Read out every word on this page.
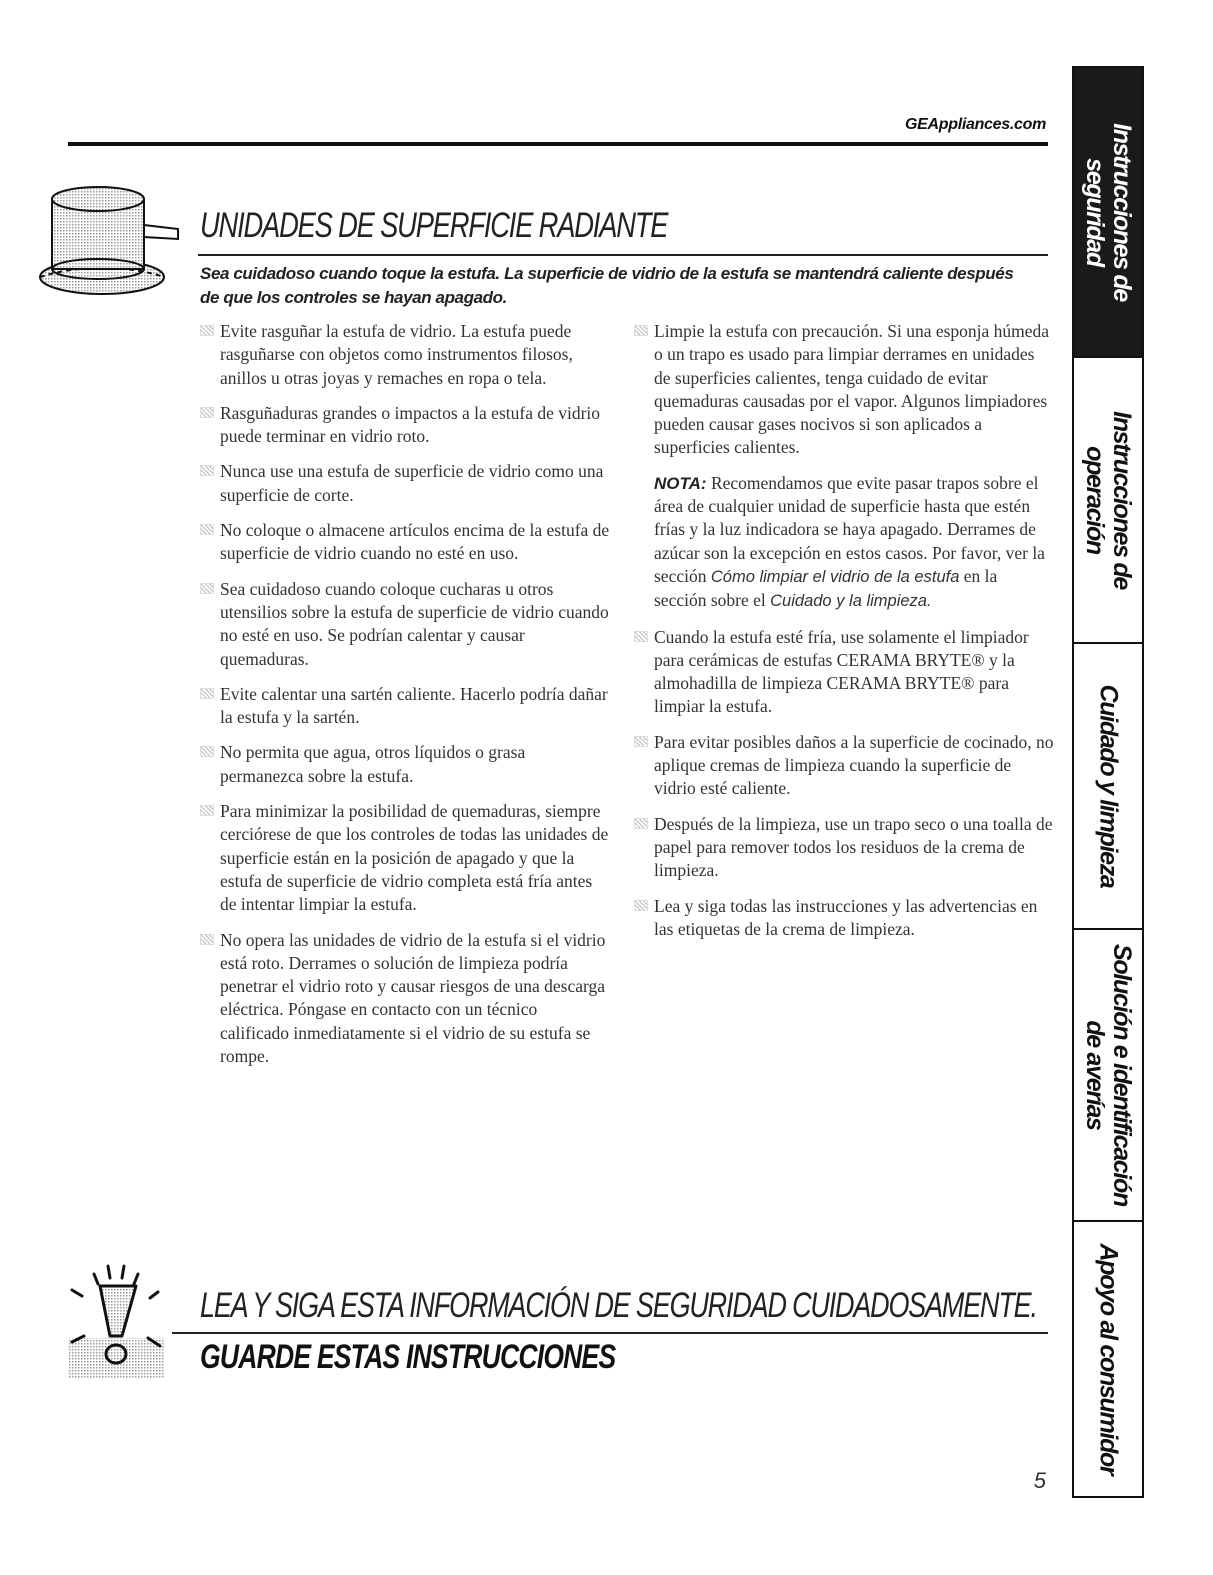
GEAppliances.com
UNIDADES DE SUPERFICIE RADIANTE
Sea cuidadoso cuando toque la estufa. La superficie de vidrio de la estufa se mantendrá caliente después de que los controles se hayan apagado.
Evite rasguñar la estufa de vidrio. La estufa puede rasguñarse con objetos como instrumentos filosos, anillos u otras joyas y remaches en ropa o tela.
Rasguñaduras grandes o impactos a la estufa de vidrio puede terminar en vidrio roto.
Nunca use una estufa de superficie de vidrio como una superficie de corte.
No coloque o almacene artículos encima de la estufa de superficie de vidrio cuando no esté en uso.
Sea cuidadoso cuando coloque cucharas u otros utensilios sobre la estufa de superficie de vidrio cuando no esté en uso. Se podrían calentar y causar quemaduras.
Evite calentar una sartén caliente. Hacerlo podría dañar la estufa y la sartén.
No permita que agua, otros líquidos o grasa permanezca sobre la estufa.
Para minimizar la posibilidad de quemaduras, siempre cerciórese de que los controles de todas las unidades de superficie están en la posición de apagado y que la estufa de superficie de vidrio completa está fría antes de intentar limpiar la estufa.
No opera las unidades de vidrio de la estufa si el vidrio está roto. Derrames o solución de limpieza podría penetrar el vidrio roto y causar riesgos de una descarga eléctrica. Póngase en contacto con un técnico calificado inmediatamente si el vidrio de su estufa se rompe.
Limpie la estufa con precaución. Si una esponja húmeda o un trapo es usado para limpiar derrames en unidades de superficies calientes, tenga cuidado de evitar quemaduras causadas por el vapor. Algunos limpiadores pueden causar gases nocivos si son aplicados a superficies calientes.
NOTA: Recomendamos que evite pasar trapos sobre el área de cualquier unidad de superficie hasta que estén frías y la luz indicadora se haya apagado. Derrames de azúcar son la excepción en estos casos. Por favor, ver la sección Cómo limpiar el vidrio de la estufa en la sección sobre el Cuidado y la limpieza.
Cuando la estufa esté fría, use solamente el limpiador para cerámicas de estufas CERAMA BRYTE® y la almohadilla de limpieza CERAMA BRYTE® para limpiar la estufa.
Para evitar posibles daños a la superficie de cocinado, no aplique cremas de limpieza cuando la superficie de vidrio esté caliente.
Después de la limpieza, use un trapo seco o una toalla de papel para remover todos los residuos de la crema de limpieza.
Lea y siga todas las instrucciones y las advertencias en las etiquetas de la crema de limpieza.
LEA Y SIGA ESTA INFORMACIÓN DE SEGURIDAD CUIDADOSAMENTE.
GUARDE ESTAS INSTRUCCIONES
5
Instrucciones de
seguridad
Instrucciones de
operación
Cuidado y limpieza
Solución e identificación
de averías
Apoyo al consumidor
